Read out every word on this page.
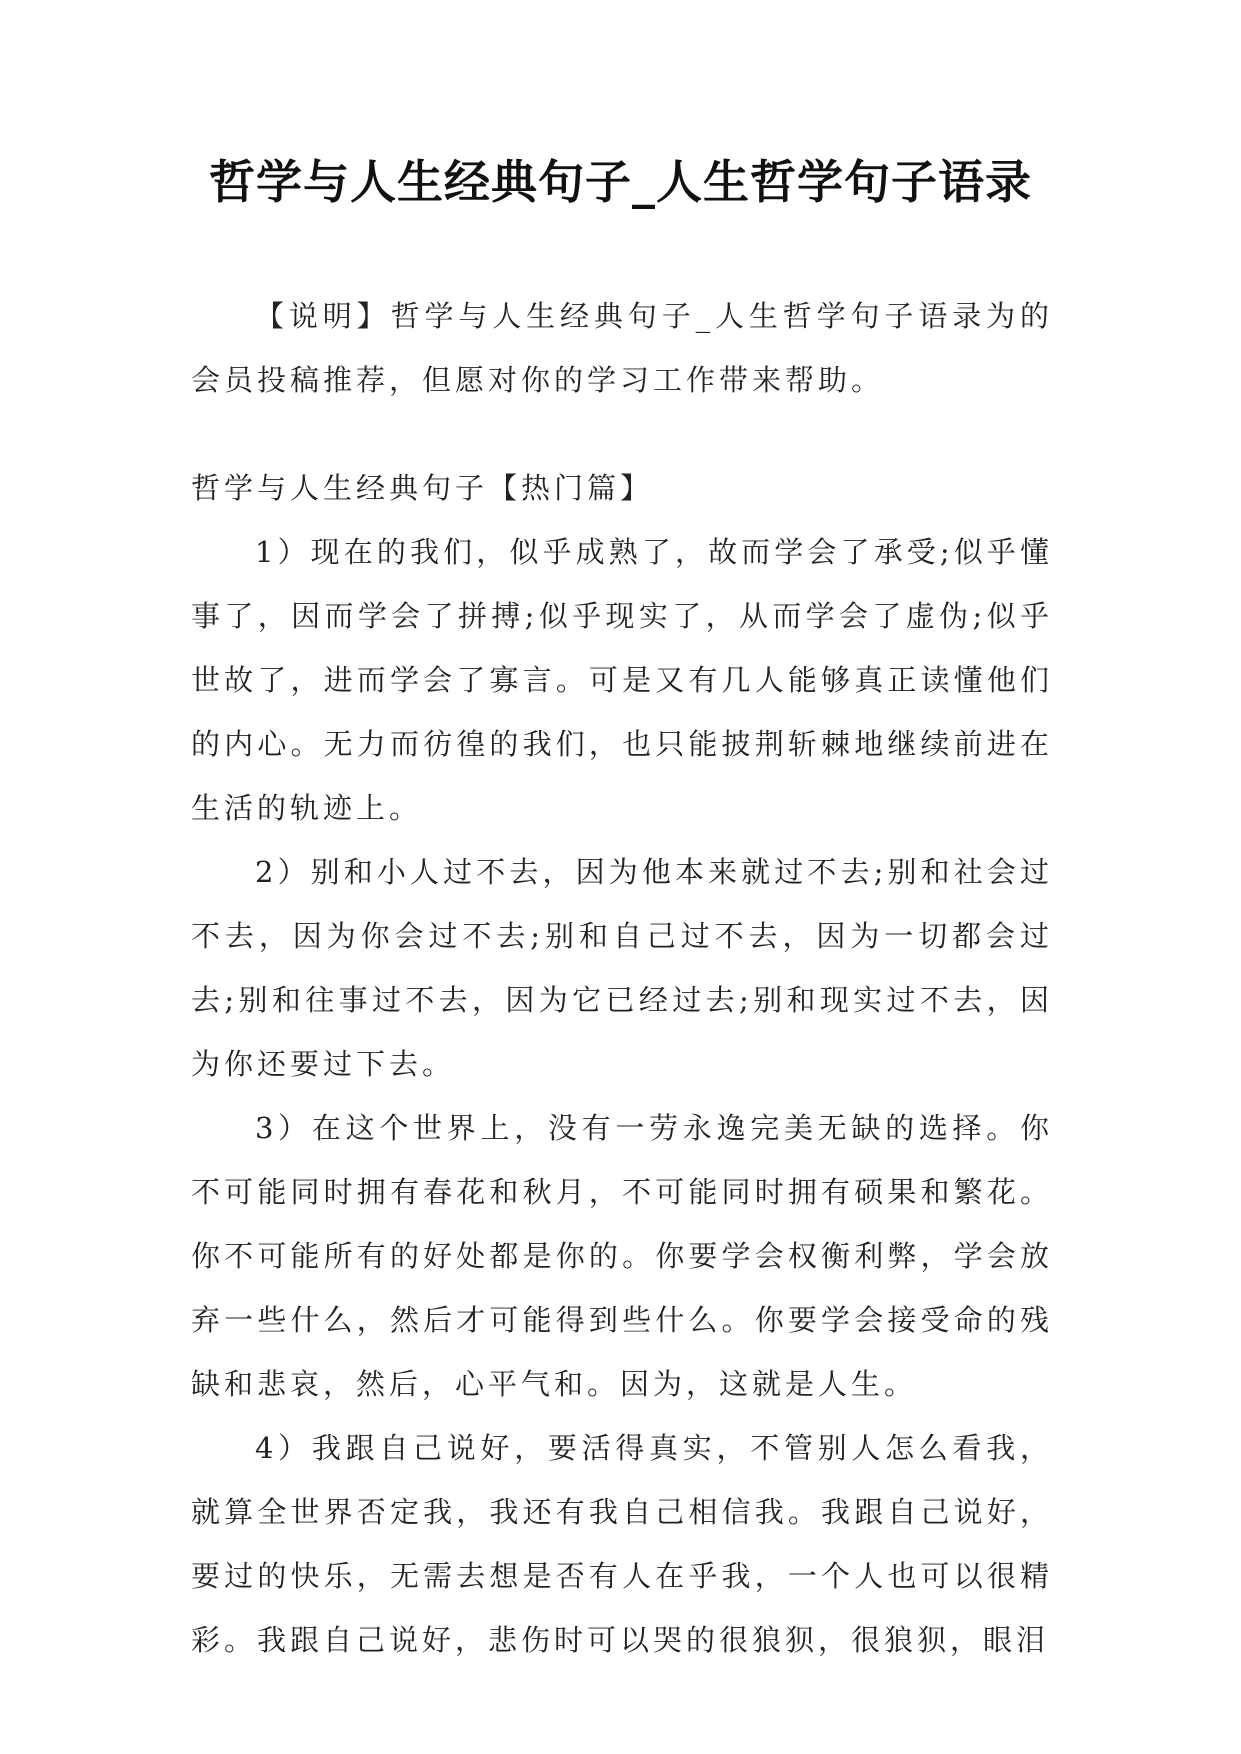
哲学与人生经典句子_人生哲学句子语录

【说明】哲学与人生经典句子_人生哲学句子语录为的会员投稿推荐，但愿对你的学习工作带来帮助。

哲学与人生经典句子【热门篇】

1）现在的我们，似乎成熟了，故而学会了承受;似乎懂事了，因而学会了拼搏;似乎现实了，从而学会了虚伪;似乎世故了，进而学会了寡言。可是又有几人能够真正读懂他们的内心。无力而彷徨的我们，也只能披荆斩棘地继续前进在生活的轨迹上。

2）别和小人过不去，因为他本来就过不去;别和社会过不去，因为你会过不去;别和自己过不去，因为一切都会过去;别和往事过不去，因为它已经过去;别和现实过不去，因为你还要过下去。

3）在这个世界上，没有一劳永逸完美无缺的选择。你不可能同时拥有春花和秋月，不可能同时拥有硕果和繁花。你不可能所有的好处都是你的。你要学会权衡利弊，学会放弃一些什么，然后才可能得到些什么。你要学会接受命的残缺和悲哀，然后，心平气和。因为，这就是人生。

4）我跟自己说好，要活得真实，不管别人怎么看我，就算全世界否定我，我还有我自己相信我。我跟自己说好，要过的快乐，无需去想是否有人在乎我，一个人也可以很精彩。我跟自己说好，悲伤时可以哭的很狼狈，很狼狈，眼泪
